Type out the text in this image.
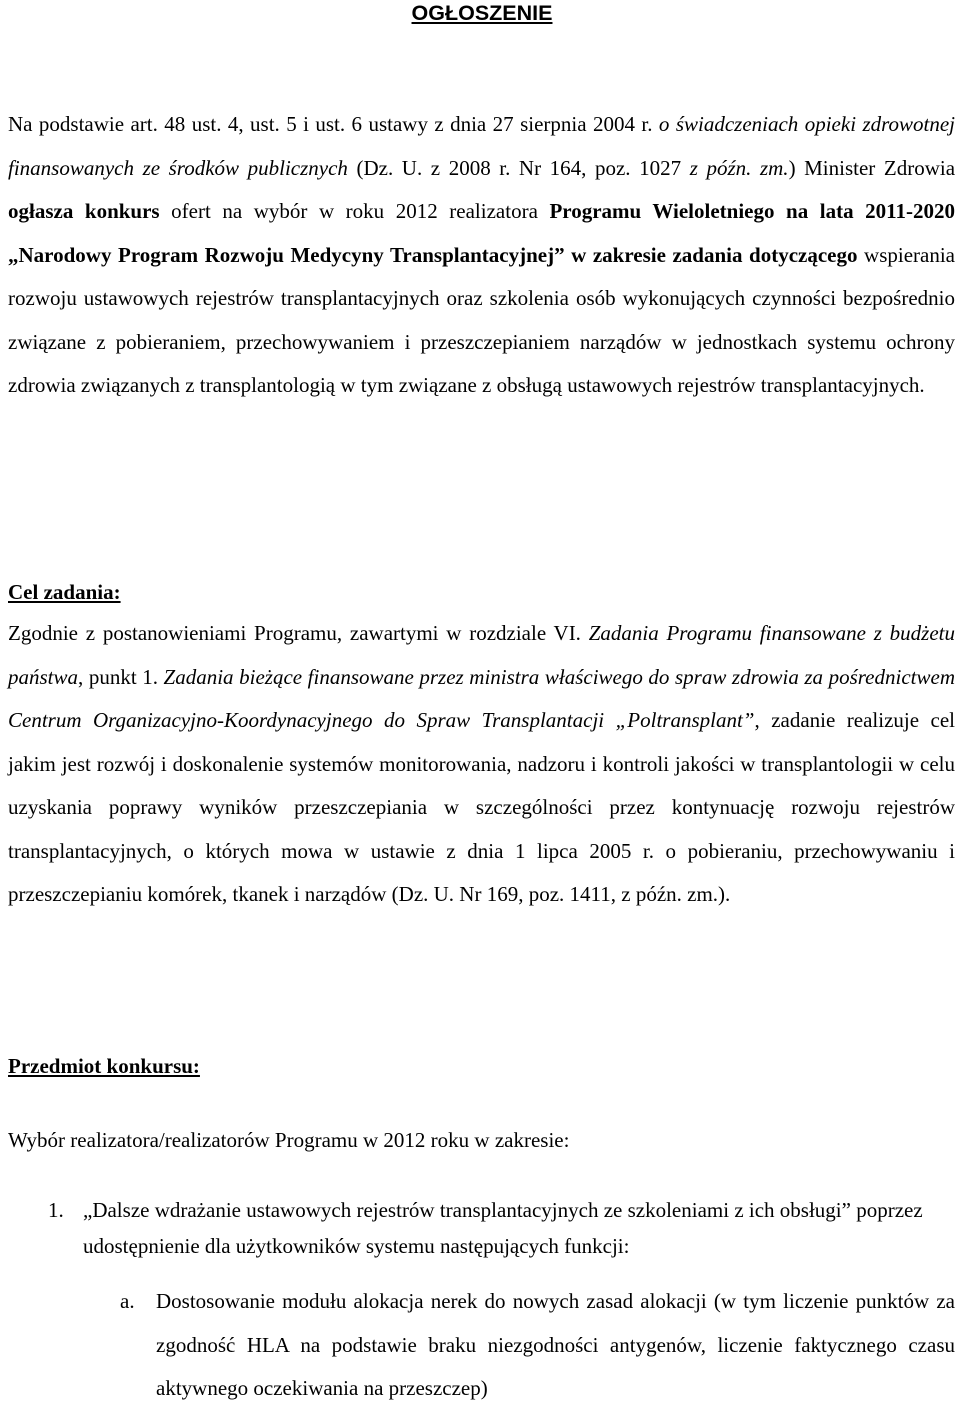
OGŁOSZENIE

Na podstawie art. 48 ust. 4, ust. 5 i ust. 6 ustawy z dnia 27 sierpnia 2004 r. o świadczeniach opieki zdrowotnej finansowanych ze środków publicznych (Dz. U. z 2008 r. Nr 164, poz. 1027 z późn. zm.) Minister Zdrowia ogłasza konkurs ofert na wybór w roku 2012 realizatora Programu Wieloletniego na lata 2011-2020 „Narodowy Program Rozwoju Medycyny Transplantacyjnej” w zakresie zadania dotyczącego wspierania rozwoju ustawowych rejestrów transplantacyjnych oraz szkolenia osób wykonujących czynności bezpośrednio związane z pobieraniem, przechowywaniem i przeszczepianiem narządów w jednostkach systemu ochrony zdrowia związanych z transplantologią w tym związane z obsługą ustawowych rejestrów transplantacyjnych.

Cel zadania:

Zgodnie z postanowieniami Programu, zawartymi w rozdziale VI. Zadania Programu finansowane z budżetu państwa, punkt 1. Zadania bieżące finansowane przez ministra właściwego do spraw zdrowia za pośrednictwem Centrum Organizacyjno-Koordynacyjnego do Spraw Transplantacji „Poltransplant”, zadanie realizuje cel jakim jest rozwój i doskonalenie systemów monitorowania, nadzoru i kontroli jakości w transplantologii w celu uzyskania poprawy wyników przeszczepiania w szczególności przez kontynuację rozwoju rejestrów transplantacyjnych, o których mowa w ustawie z dnia 1 lipca 2005 r. o pobieraniu, przechowywaniu i przeszczepianiu komórek, tkanek i narządów (Dz. U. Nr 169, poz. 1411, z późn. zm.).

Przedmiot konkursu:

Wybór realizatora/realizatorów Programu w 2012 roku w zakresie:

1. „Dalsze wdrażanie ustawowych rejestrów transplantacyjnych ze szkoleniami z ich obsługi” poprzez udostępnienie dla użytkowników systemu następujących funkcji:

a. Dostosowanie modułu alokacja nerek do nowych zasad alokacji (w tym liczenie punktów za zgodność HLA na podstawie braku niezgodności antygenów, liczenie faktycznego czasu aktywnego oczekiwania na przeszczep)
